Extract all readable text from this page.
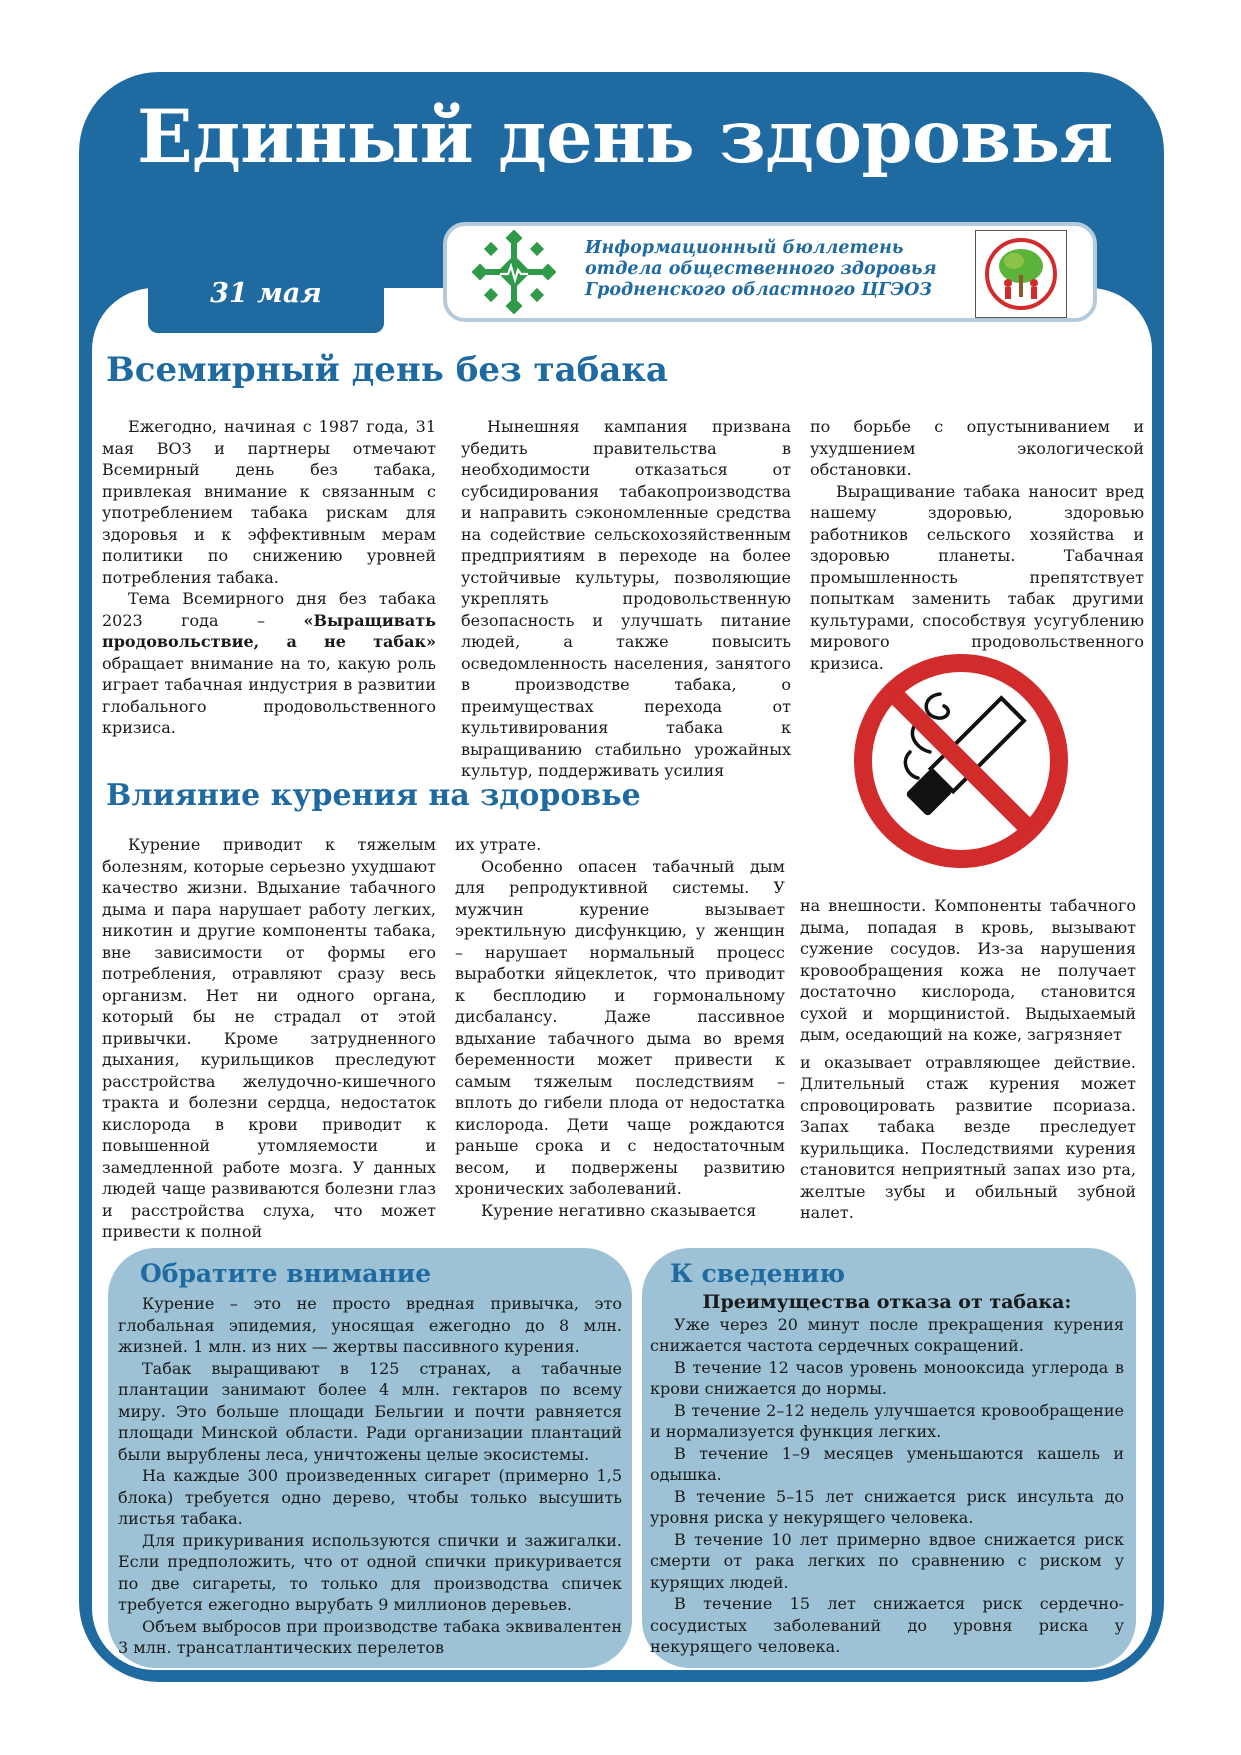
Единый день здоровья
31 мая
Информационный бюллетень
отдела общественного здоровья
Гродненского областного ЦГЭОЗ
Всемирный день без табака

Ежегодно, начиная с 1987 года, 31 мая ВОЗ и партнеры отмечают Всемирный день без табака, привлекая внимание к связанным с употреблением табака рискам для здоровья и к эффективным мерам политики по снижению уровней потребления табака.

Тема Всемирного дня без табака 2023 года – «Выращивать продовольствие, а не табак» обращает внимание на то, какую роль играет табачная индустрия в развитии глобального продовольственного кризиса.

Нынешняя кампания призвана убедить правительства в необходимости отказаться от субсидирования табакопроизводства и направить сэкономленные средства на содействие сельскохозяйственным предприятиям в переходе на более устойчивые культуры, позволяющие укреплять продовольственную безопасность и улучшать питание людей, а также повысить осведомленность населения, занятого в производстве табака, о преимуществах перехода от культивирования табака к выращиванию стабильно урожайных культур, поддерживать усилия

по борьбе с опустыниванием и ухудшением экологической обстановки.

Выращивание табака наносит вред нашему здоровью, здоровью работников сельского хозяйства и здоровью планеты. Табачная промышленность препятствует попыткам заменить табак другими культурами, способствуя усугублению мирового продовольственного кризиса.

Влияние курения на здоровье

Курение приводит к тяжелым болезням, которые серьезно ухудшают качество жизни. Вдыхание табачного дыма и пара нарушает работу легких, никотин и другие компоненты табака, вне зависимости от формы его потребления, отравляют сразу весь организм. Нет ни одного органа, который бы не страдал от этой привычки. Кроме затрудненного дыхания, курильщиков преследуют расстройства желудочно-кишечного тракта и болезни сердца, недостаток кислорода в крови приводит к повышенной утомляемости и замедленной работе мозга. У данных людей чаще развиваются болезни глаз и расстройства слуха, что может привести к полной

их утрате.

Особенно опасен табачный дым для репродуктивной системы. У мужчин курение вызывает эректильную дисфункцию, у женщин – нарушает нормальный процесс выработки яйцеклеток, что приводит к бесплодию и гормональному дисбалансу. Даже пассивное вдыхание табачного дыма во время беременности может привести к самым тяжелым последствиям – вплоть до гибели плода от недостатка кислорода. Дети чаще рождаются раньше срока и с недостаточным весом, и подвержены развитию хронических заболеваний.

Курение негативно сказывается

на внешности. Компоненты табачного дыма, попадая в кровь, вызывают сужение сосудов. Из-за нарушения кровообращения кожа не получает достаточно кислорода, становится сухой и морщинистой. Выдыхаемый дым, оседающий на коже, загрязняет

и оказывает отравляющее действие. Длительный стаж курения может спровоцировать развитие псориаза. Запах табака везде преследует курильщика. Последствиями курения становится неприятный запах изо рта, желтые зубы и обильный зубной налет.

Обратите внимание

Курение – это не просто вредная привычка, это глобальная эпидемия, уносящая ежегодно до 8 млн. жизней. 1 млн. из них — жертвы пассивного курения.

Табак выращивают в 125 странах, а табачные плантации занимают более 4 млн. гектаров по всему миру. Это больше площади Бельгии и почти равняется площади Минской области. Ради организации плантаций были вырублены леса, уничтожены целые экосистемы.

На каждые 300 произведенных сигарет (примерно 1,5 блока) требуется одно дерево, чтобы только высушить листья табака.

Для прикуривания используются спички и зажигалки. Если предположить, что от одной спички прикуривается по две сигареты, то только для производства спичек требуется ежегодно вырубать 9 миллионов деревьев.

Объем выбросов при производстве табака эквивалентен 3 млн. трансатлантических перелетов

К сведению

Преимущества отказа от табака:

Уже через 20 минут после прекращения курения снижается частота сердечных сокращений.

В течение 12 часов уровень монооксида углерода в крови снижается до нормы.

В течение 2–12 недель улучшается кровообращение и нормализуется функция легких.

В течение 1–9 месяцев уменьшаются кашель и одышка.

В течение 5–15 лет снижается риск инсульта до уровня риска у некурящего человека.

В течение 10 лет примерно вдвое снижается риск смерти от рака легких по сравнению с риском у курящих людей.

В течение 15 лет снижается риск сердечно-сосудистых заболеваний до уровня риска у некурящего человека.
